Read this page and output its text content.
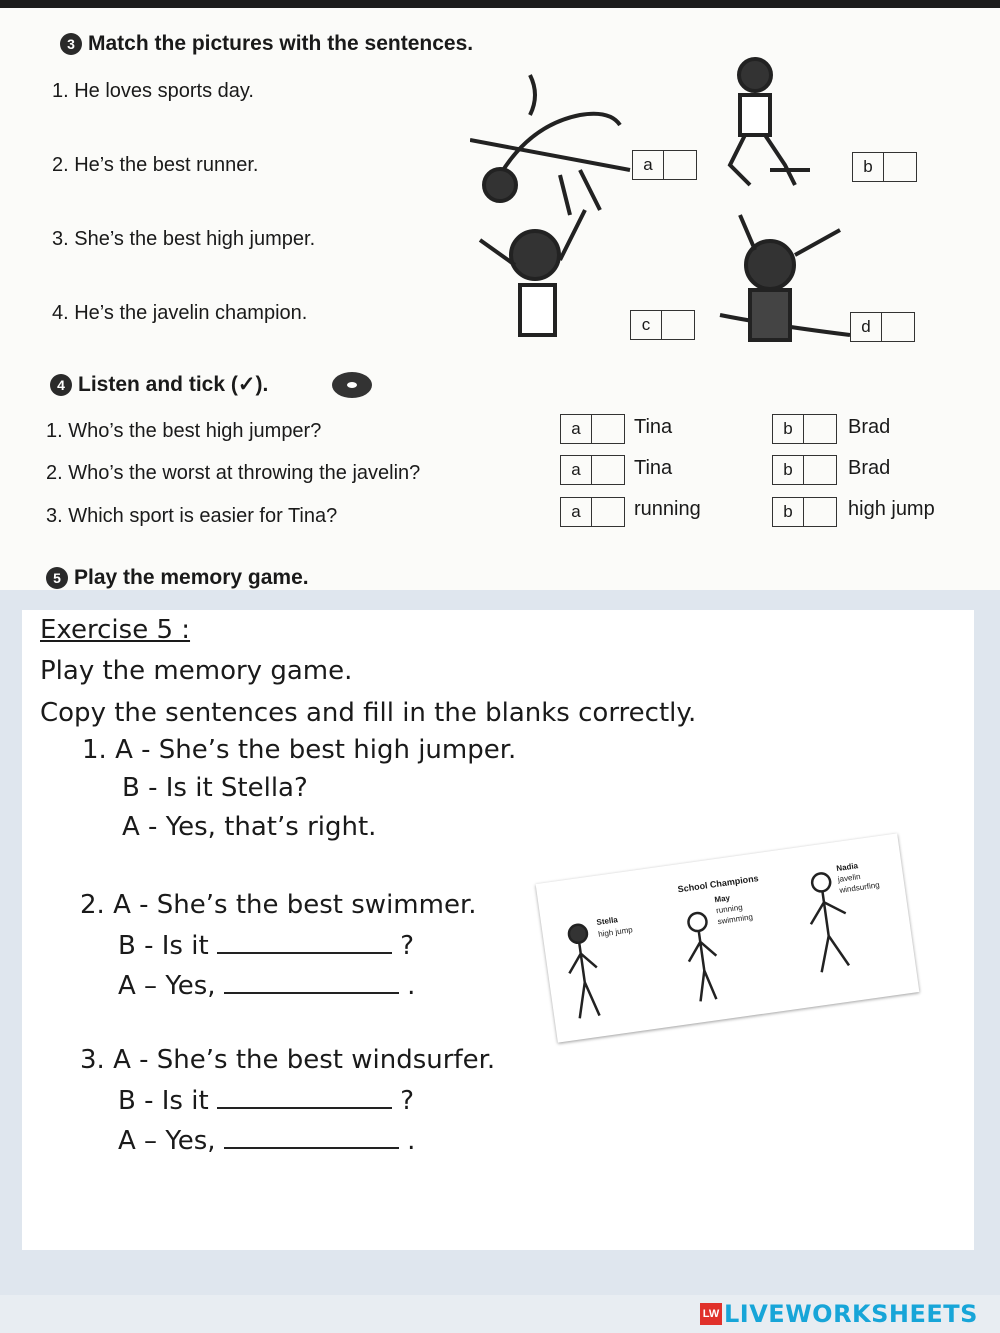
3 Match the pictures with the sentences.
1. He loves sports day.
2. He’s the best runner.
3. She’s the best high jumper.
4. He’s the javelin champion.
a	b
c	d
4 Listen and tick (✓).
1. Who’s the best high jumper?
2. Who’s the worst at throwing the javelin?
3. Which sport is easier for Tina?
a	Tina	b	Brad
a	Tina	b	Brad
a	running	b	high jump
5 Play the memory game.
Exercise 5 :
Play the memory game.
Copy the sentences and fill in the blanks correctly.
1. A - She’s the best high jumper.
B - Is it Stella?
A - Yes, that’s right.
2. A - She’s the best swimmer.
B - Is it	?
A – Yes,	.
3. A - She’s the best windsurfer.
B - Is it	?
A – Yes,	.
School Champions
Stella
high jump
May
running
swimming
Nadia
javelin
windsurfing
LW LIVEWORKSHEETS
